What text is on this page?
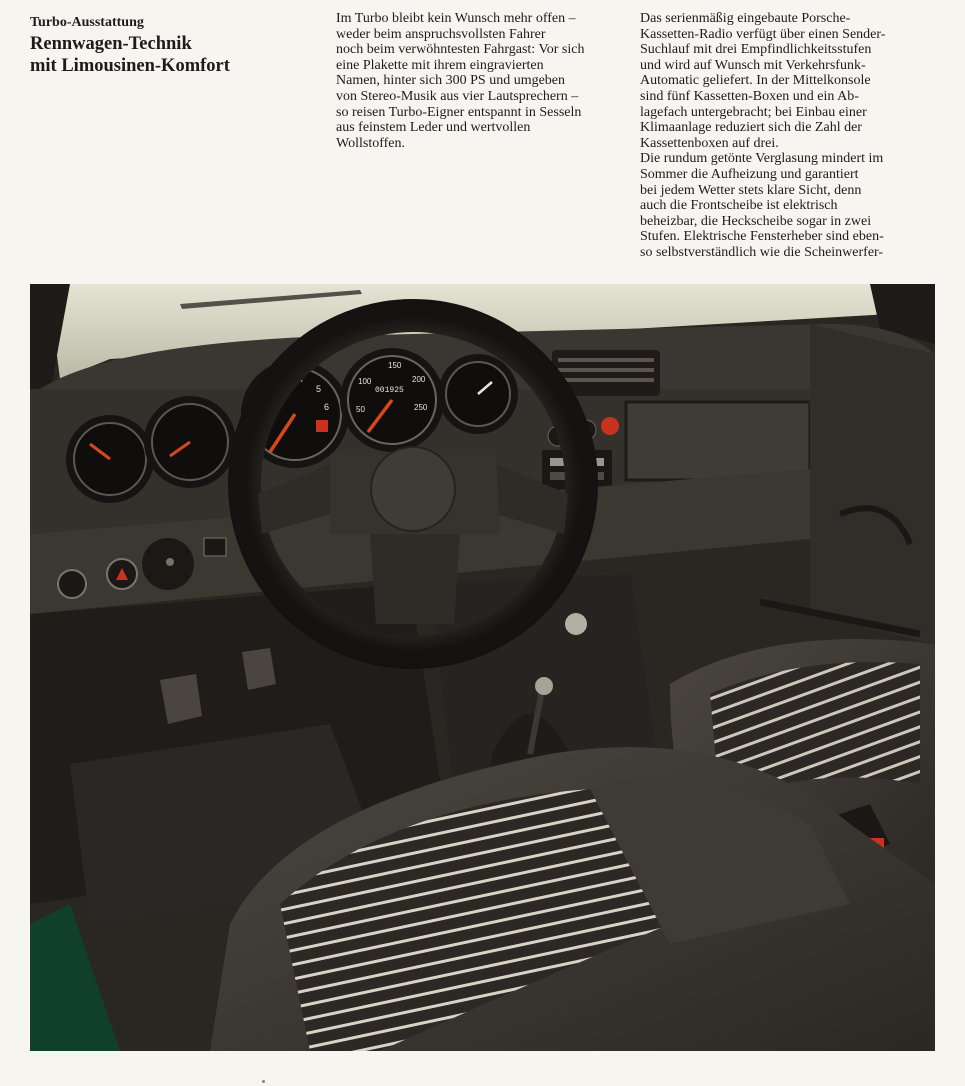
Turbo-Ausstattung

Rennwagen-Technik
mit Limousinen-Komfort
Im Turbo bleibt kein Wunsch mehr offen –
weder beim anspruchsvollsten Fahrer
noch beim verwöhntesten Fahrgast: Vor sich
eine Plakette mit ihrem eingravierten
Namen, hinter sich 300 PS und umgeben
von Stereo-Musik aus vier Lautsprechern –
so reisen Turbo-Eigner entspannt in Sesseln
aus feinstem Leder und wertvollen
Wollstoffen.
Das serienmäßig eingebaute Porsche-
Kassetten-Radio verfügt über einen Sender-
Suchlauf mit drei Empfindlichkeitsstufen
und wird auf Wunsch mit Verkehrsfunk-
Automatic geliefert. In der Mittelkonsole
sind fünf Kassetten-Boxen und ein Ab-
lagefach untergebracht; bei Einbau einer
Klimaanlage reduziert sich die Zahl der
Kassettenboxen auf drei.
Die rundum getönte Verglasung mindert im
Sommer die Aufheizung und garantiert
bei jedem Wetter stets klare Sicht, denn
auch die Frontscheibe ist elektrisch
beheizbar, die Heckscheibe sogar in zwei
Stufen. Elektrische Fensterheber sind eben-
so selbstverständlich wie die Scheinwerfer-
1
2
4
5
6	50
100
150
200
250
001925
